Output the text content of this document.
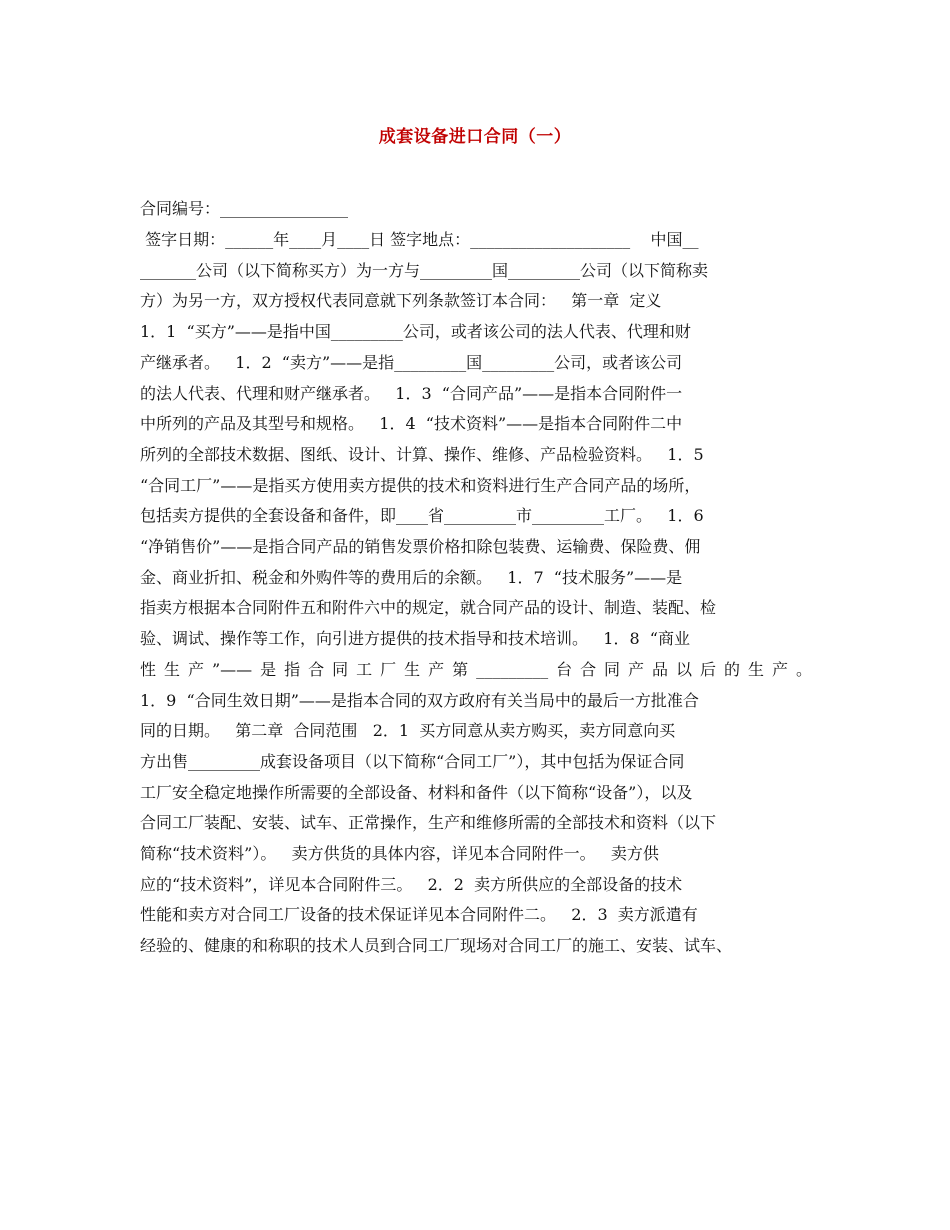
成套设备进口合同（一）
合同编号：________________
签字日期：______年____月____日 签字地点：____________________    中国__
_______公司（以下简称买方）为一方与_________国_________公司（以下简称卖
方）为另一方，双方授权代表同意就下列条款签订本合同：   第一章  定义
1．1  “买方”——是指中国_________公司，或者该公司的法人代表、代理和财
产继承者。   1．2  “卖方”——是指_________国_________公司，或者该公司
的法人代表、代理和财产继承者。   1．3  “合同产品”——是指本合同附件一
中所列的产品及其型号和规格。   1．4  “技术资料”——是指本合同附件二中
所列的全部技术数据、图纸、设计、计算、操作、维修、产品检验资料。   1．5
“合同工厂”——是指买方使用卖方提供的技术和资料进行生产合同产品的场所，
包括卖方提供的全套设备和备件，即____省_________市_________工厂。   1．6
“净销售价”——是指合同产品的销售发票价格扣除包装费、运输费、保险费、佣
金、商业折扣、税金和外购件等的费用后的余额。   1．7  “技术服务”——是
指卖方根据本合同附件五和附件六中的规定，就合同产品的设计、制造、装配、检
验、调试、操作等工作，向引进方提供的技术指导和技术培训。   1．8  “商业
性生产”——是指合同工厂生产第_________台合同产品以后的生产。
1．9  “合同生效日期”——是指本合同的双方政府有关当局中的最后一方批准合
同的日期。   第二章  合同范围   2．1  买方同意从卖方购买，卖方同意向买
方出售_________成套设备项目（以下简称“合同工厂”），其中包括为保证合同
工厂安全稳定地操作所需要的全部设备、材料和备件（以下简称“设备”），以及
合同工厂装配、安装、试车、正常操作，生产和维修所需的全部技术和资料（以下
简称“技术资料”）。   卖方供货的具体内容，详见本合同附件一。   卖方供
应的“技术资料”，详见本合同附件三。   2．2  卖方所供应的全部设备的技术
性能和卖方对合同工厂设备的技术保证详见本合同附件二。   2．3  卖方派遣有
经验的、健康的和称职的技术人员到合同工厂现场对合同工厂的施工、安装、试车、
